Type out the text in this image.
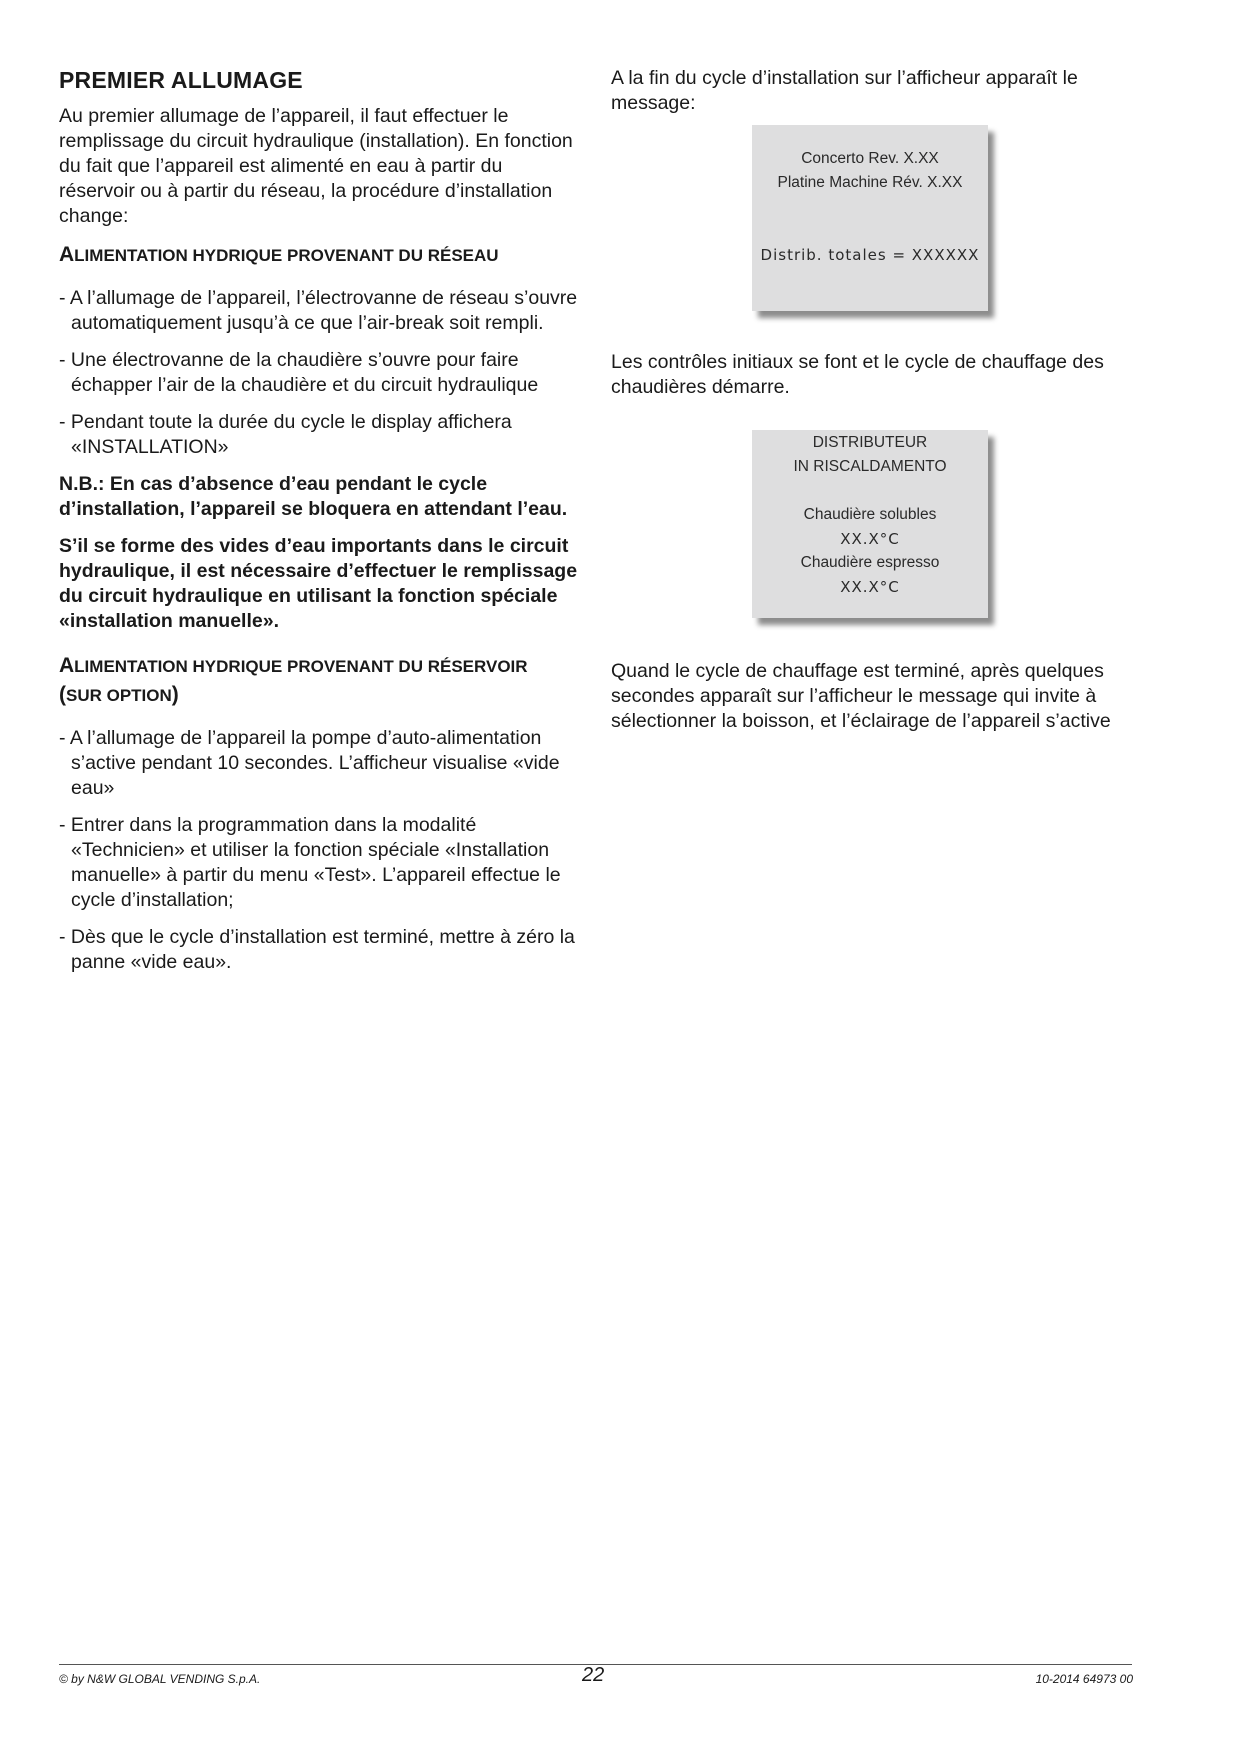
PREMIER ALLUMAGE

Au premier allumage de l’appareil, il faut effectuer le remplissage du circuit hydraulique (installation). En fonction du fait que l’appareil est alimenté en eau à partir du réservoir ou à partir du réseau, la procédure d’installation change:

ALIMENTATION HYDRIQUE PROVENANT DU RÉSEAU
- A l’allumage de l’appareil, l’électrovanne de réseau s’ouvre automatiquement jusqu’à ce que l’air-break soit rempli.
- Une électrovanne de la chaudière s’ouvre pour faire échapper l’air de la chaudière et du circuit hydraulique
- Pendant toute la durée du cycle le display affichera «INSTALLATION»

N.B.: En cas d’absence d’eau pendant le cycle d’installation, l’appareil se bloquera en attendant l’eau.

S’il se forme des vides d’eau importants dans le circuit hydraulique, il est nécessaire d’effectuer le remplissage du circuit hydraulique en utilisant la fonction spéciale «installation manuelle».

ALIMENTATION HYDRIQUE PROVENANT DU RÉSERVOIR
(SUR OPTION)
- A l’allumage de l’appareil la pompe d’auto-alimentation s’active pendant 10 secondes. L’afficheur visualise «vide eau»
- Entrer dans la programmation dans la modalité «Technicien» et utiliser la fonction spéciale «Installation manuelle» à partir du menu «Test». L’appareil effectue le cycle d’installation;
- Dès que le cycle d’installation est terminé, mettre à zéro la panne «vide eau».

A la fin du cycle d’installation sur l’afficheur apparaît le message:

Concerto Rev. X.XX
Platine Machine Rév. X.XX
Distrib. totales = XXXXXX

Les contrôles initiaux se font et le cycle de chauffage des chaudières démarre.

DISTRIBUTEUR
IN RISCALDAMENTO
Chaudière solubles
XX.X°C
Chaudière espresso
XX.X°C

Quand le cycle de chauffage est terminé, après quelques secondes apparaît sur l’afficheur le message qui invite à sélectionner la boisson, et l’éclairage de l’appareil s’active

© by N&W GLOBAL VENDING S.p.A.	22	10-2014 64973 00
